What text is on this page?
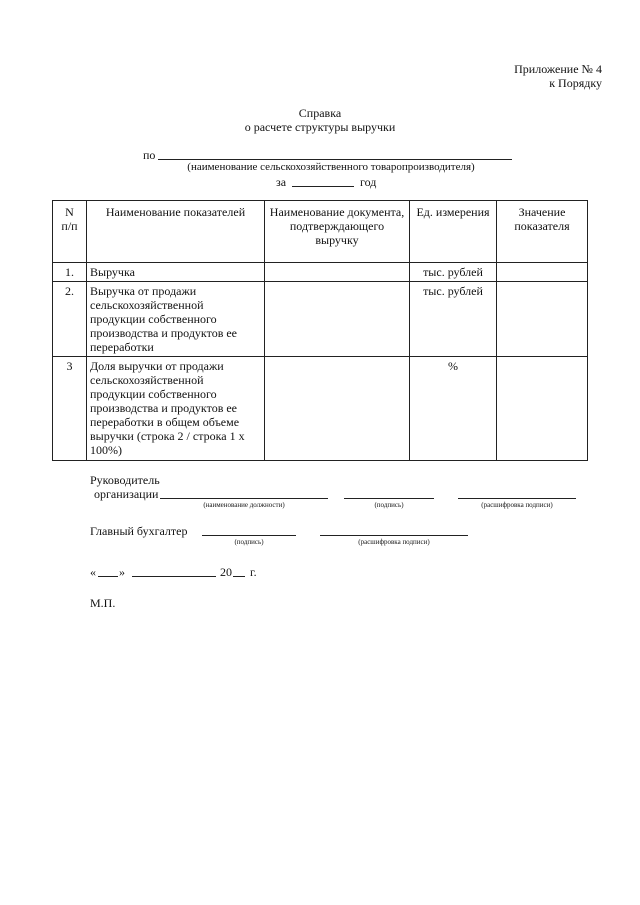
Приложение № 4
к Порядку
Справка
о расчете структуры выручки
по
(наименование сельскохозяйственного товаропроизводителя)
за	год
N
п/п	Наименование показателей	Наименование документа, подтверждающего выручку	Ед. измерения	Значение показателя
1.	Выручка		тыс. рублей	
2.	Выручка от продажи сельскохозяйственной продукции собственного производства и продуктов ее переработки		тыс. рублей	
3	Доля выручки от продажи сельскохозяйственной продукции собственного производства и продуктов ее переработки в общем объеме выручки (строка 2 / строка 1 x 100%)		%	
Руководитель
организации
(наименование должности)	(подпись)	(расшифровка подписи)
Главный бухгалтер
(подпись)	(расшифровка подписи)
« »	20 г.
М.П.
